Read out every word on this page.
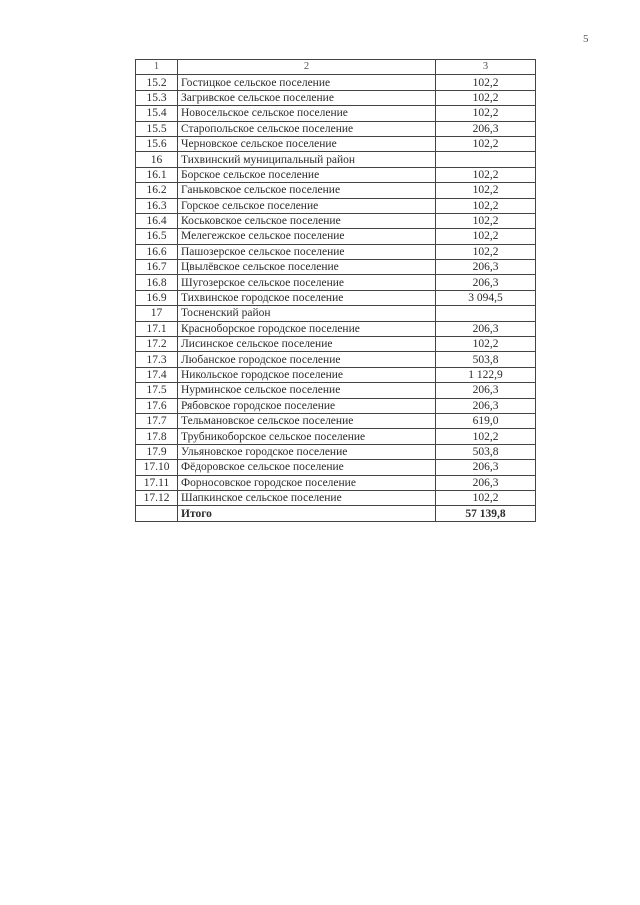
5
1	2	3
15.2	Гостицкое сельское поселение	102,2
15.3	Загривское сельское поселение	102,2
15.4	Новосельское сельское поселение	102,2
15.5	Старопольское сельское поселение	206,3
15.6	Черновское сельское поселение	102,2
16	Тихвинский муниципальный район	
16.1	Борское сельское поселение	102,2
16.2	Ганьковское сельское поселение	102,2
16.3	Горское сельское поселение	102,2
16.4	Коськовское сельское поселение	102,2
16.5	Мелегежское сельское поселение	102,2
16.6	Пашозерское сельское поселение	102,2
16.7	Цвылёвское сельское поселение	206,3
16.8	Шугозерское сельское поселение	206,3
16.9	Тихвинское городское поселение	3 094,5
17	Тосненский район	
17.1	Красноборское городское поселение	206,3
17.2	Лисинское сельское поселение	102,2
17.3	Любанское городское поселение	503,8
17.4	Никольское городское поселение	1 122,9
17.5	Нурминское сельское поселение	206,3
17.6	Рябовское городское поселение	206,3
17.7	Тельмановское сельское поселение	619,0
17.8	Трубникоборское сельское поселение	102,2
17.9	Ульяновское городское поселение	503,8
17.10	Фёдоровское сельское поселение	206,3
17.11	Форносовское городское поселение	206,3
17.12	Шапкинское сельское поселение	102,2
	Итого	57 139,8
